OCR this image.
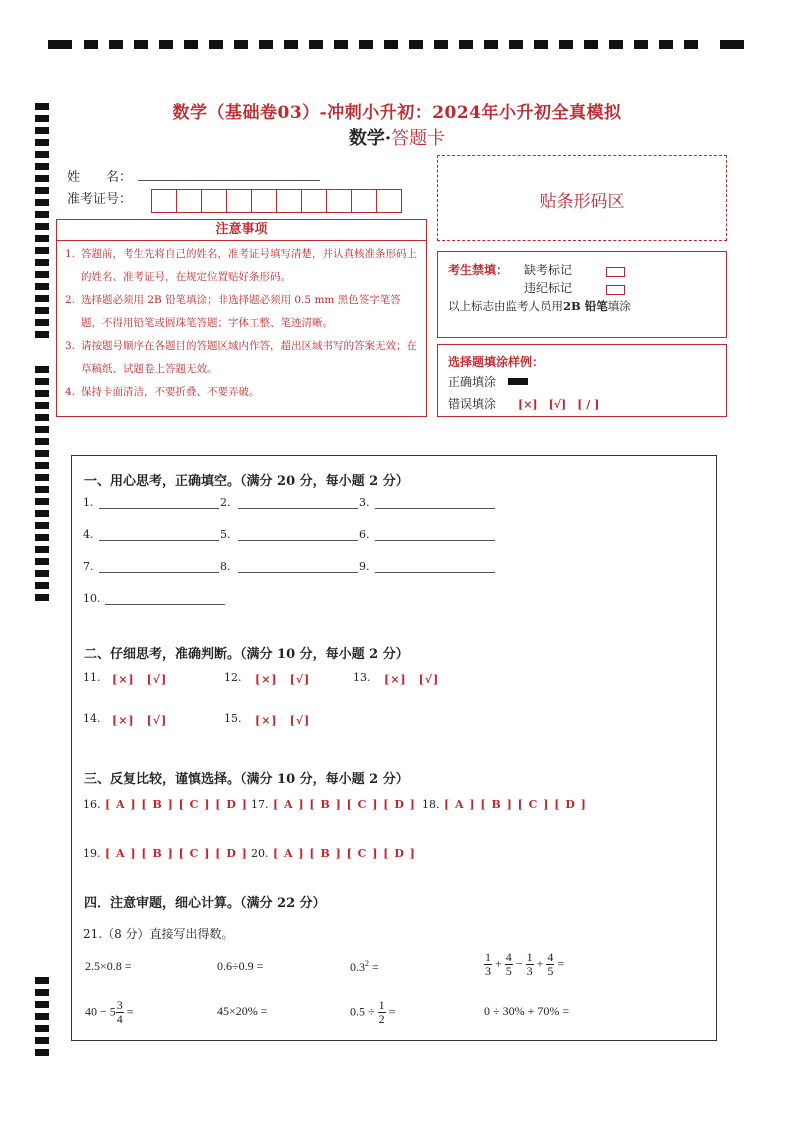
数学（基础卷03）-冲刺小升初：2024年小升初全真模拟
数学·答题卡
姓　　名：
准考证号：	贴条形码区
注意事项
1. 答题前，考生先将自己的姓名，准考证号填写清楚，并认真核准条形码上的姓名、准考证号，在规定位置贴好条形码。
2. 选择题必须用 2B 铅笔填涂；非选择题必须用 0.5 mm 黑色签字笔答题，不得用铅笔或圆珠笔答题；字体工整、笔迹清晰。
3. 请按题号顺序在各题目的答题区域内作答，超出区域书写的答案无效；在草稿纸、试题卷上答题无效。
4. 保持卡面清洁，不要折叠、不要弄破。
考生禁填： 缺考标记
违纪标记
以上标志由监考人员用2B 铅笔填涂
选择题填涂样例：
正确填涂
错误填涂 [×]　[√]　[ / ]
一、用心思考，正确填空。（满分 20 分，每小题 2 分）
1.	2.	3.
4.	5.	6.
7.	8.	9.
10.
二、仔细思考，准确判断。（满分 10 分，每小题 2 分）
11. [×]　[√]	12. [×]　[√]	13. [×]　[√]
14. [×]　[√]	15. [×]　[√]
三、反复比较，谨慎选择。（满分 10 分，每小题 2 分）
16. [ A ] [ B ] [ C ] [ D ] 17. [ A ] [ B ] [ C ] [ D ] 18. [ A ] [ B ] [ C ] [ D ]
19. [ A ] [ B ] [ C ] [ D ] 20. [ A ] [ B ] [ C ] [ D ]
四．注意审题，细心计算。（满分 22 分）
21.（8 分）直接写出得数。
2.5×0.8 =	0.6÷0.9 =	$0.3^2$ =	$\frac{1}{3} + \frac{4}{5} - \frac{1}{3} + \frac{4}{5}$ =
$40 - 5 \frac{3}{4}$ =	45×20% =	$0.5 \div \frac{1}{2}$ =	0 ÷ 30% + 70% =
